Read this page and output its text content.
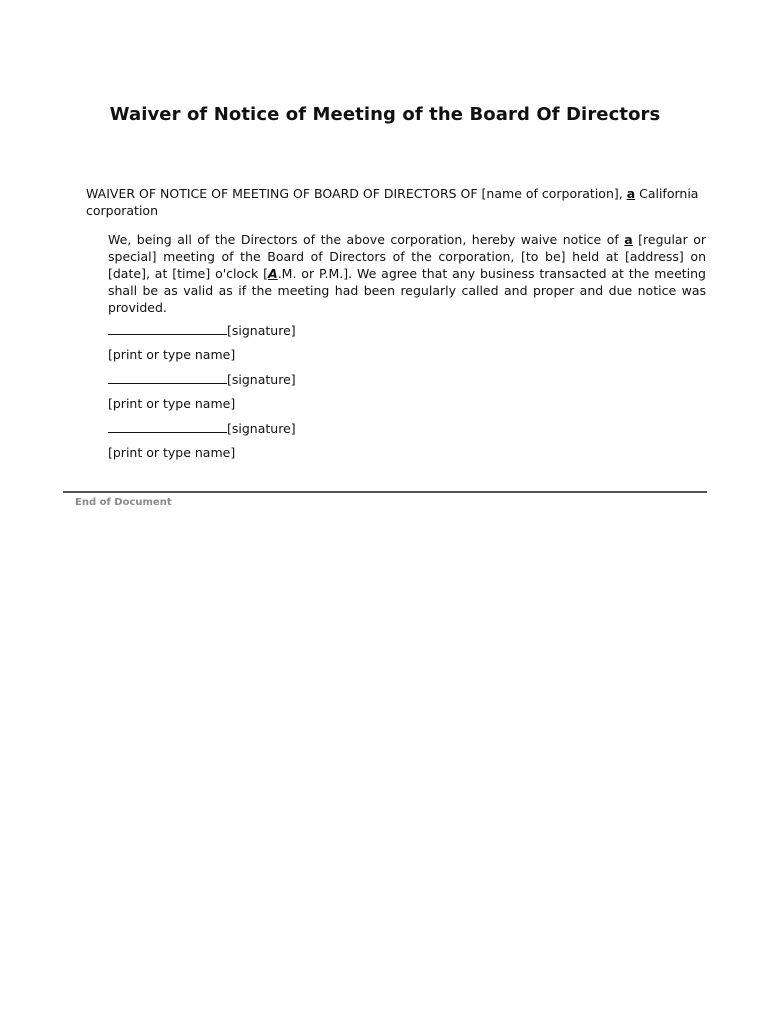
Waiver of Notice of Meeting of the Board Of Directors

WAIVER OF NOTICE OF MEETING OF BOARD OF DIRECTORS OF [name of corporation], a California corporation

We, being all of the Directors of the above corporation, hereby waive notice of a [regular or special] meeting of the Board of Directors of the corporation, [to be] held at [address] on [date], at [time] o'clock [A.M. or P.M.]. We agree that any business transacted at the meeting shall be as valid as if the meeting had been regularly called and proper and due notice was provided.

[signature]
[print or type name]
[signature]
[print or type name]
[signature]
[print or type name]
End of Document
